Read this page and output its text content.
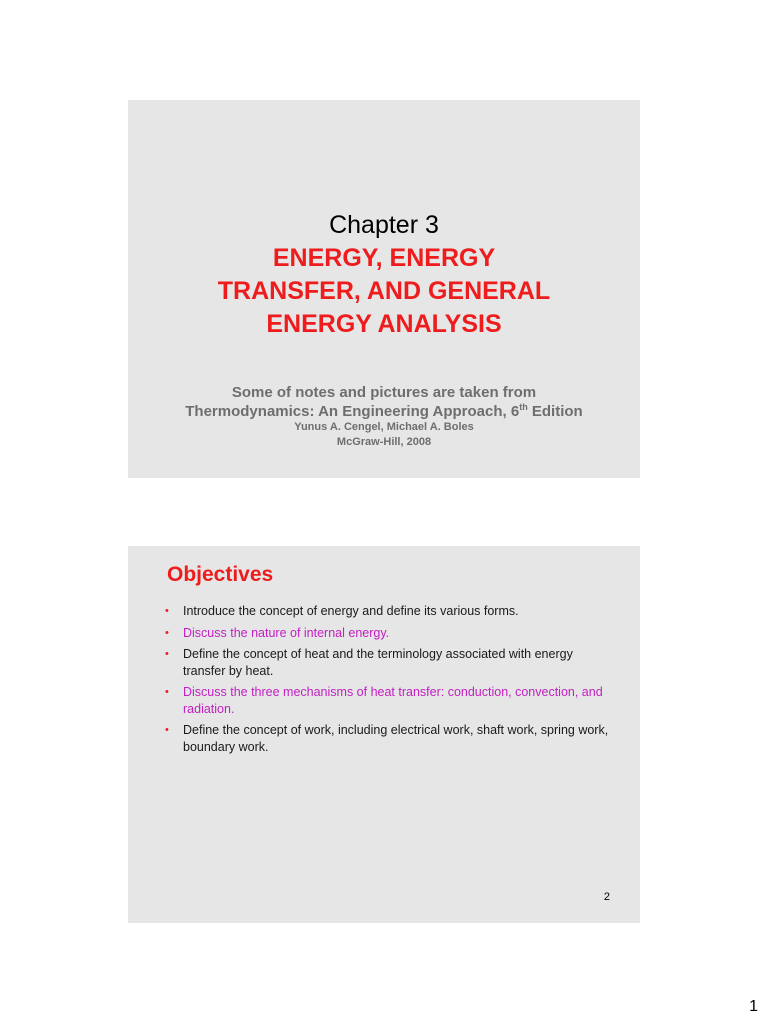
Chapter 3
ENERGY, ENERGY
TRANSFER, AND GENERAL
ENERGY ANALYSIS
Some of notes and pictures are taken from
Thermodynamics: An Engineering Approach, 6th Edition
Yunus A. Cengel, Michael A. Boles
McGraw-Hill, 2008
Objectives
• Introduce the concept of energy and define its various forms.
• Discuss the nature of internal energy.
• Define the concept of heat and the terminology associated with energy transfer by heat.
• Discuss the three mechanisms of heat transfer: conduction, convection, and radiation.
• Define the concept of work, including electrical work, shaft work, spring work, boundary work.
2
1
